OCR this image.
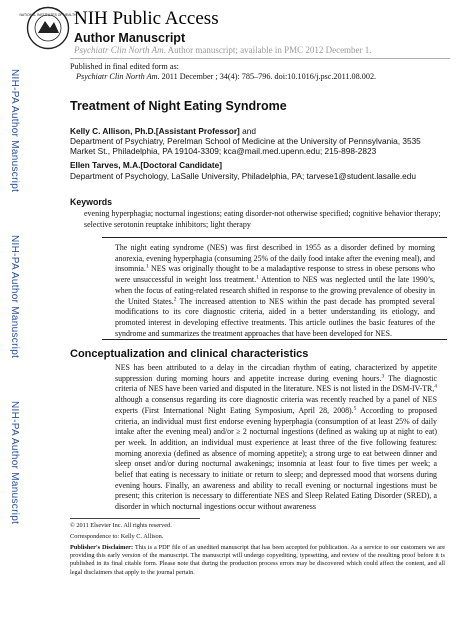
NATIONAL INSTITUTES OF HEALTH
NIH Public Access
Author Manuscript
Psychiatr Clin North Am. Author manuscript; available in PMC 2012 December 1.
Published in final edited form as:
Psychiatr Clin North Am. 2011 December ; 34(4): 785–796. doi:10.1016/j.psc.2011.08.002.
NIH-PA Author Manuscript
NIH-PA Author Manuscript
NIH-PA Author Manuscript
Treatment of Night Eating Syndrome
Kelly C. Allison, Ph.D.[Assistant Professor] and
Department of Psychiatry, Perelman School of Medicine at the University of Pennsylvania, 3535
Market St., Philadelphia, PA 19104-3309; kca@mail.med.upenn.edu; 215-898-2823
Ellen Tarves, M.A.[Doctoral Candidate]
Department of Psychology, LaSalle University, Philadelphia, PA; tarvese1@student.lasalle.edu
Keywords
evening hyperphagia; nocturnal ingestions; eating disorder-not otherwise specified; cognitive behavior therapy; selective serotonin reuptake inhibitors; light therapy
The night eating syndrome (NES) was first described in 1955 as a disorder defined by morning anorexia, evening hyperphagia (consuming 25% of the daily food intake after the evening meal), and insomnia.$^1$ NES was originally thought to be a maladaptive response to stress in obese persons who were unsuccessful in weight loss treatment.$^1$ Attention to NES was neglected until the late 1990’s, when the focus of eating-related research shifted in response to the growing prevalence of obesity in the United States.$^2$ The increased attention to NES within the past decade has prompted several modifications to its core diagnostic criteria, aided in a better understanding its etiology, and promoted interest in developing effective treatments. This article outlines the basic features of the syndrome and summarizes the treatment approaches that have been developed for NES.
Conceptualization and clinical characteristics
NES has been attributed to a delay in the circadian rhythm of eating, characterized by appetite suppression during morning hours and appetite increase during evening hours.$^3$ The diagnostic criteria of NES have been varied and disputed in the literature. NES is not listed in the DSM-IV-TR,$^4$ although a consensus regarding its core diagnostic criteria was recently reached by a panel of NES experts (First International Night Eating Symposium, April 28, 2008).$^5$ According to proposed criteria, an individual must first endorse evening hyperphagia (consumption of at least 25% of daily intake after the evening meal) and/or ≥ 2 nocturnal ingestions (defined as waking up at night to eat) per week. In addition, an individual must experience at least three of the five following features: morning anorexia (defined as absence of morning appetite); a strong urge to eat between dinner and sleep onset and/or during nocturnal awakenings; insomnia at least four to five times per week; a belief that eating is necessary to initiate or return to sleep; and depressed mood that worsens during evening hours. Finally, an awareness and ability to recall evening or nocturnal ingestions must be present; this criterion is necessary to differentiate NES and Sleep Related Eating Disorder (SRED), a disorder in which nocturnal ingestions occur without awareness
© 2011 Elsevier Inc. All rights reserved.
Correspondence to: Kelly C. Allison.
Publisher's Disclaimer: This is a PDF file of an unedited manuscript that has been accepted for publication. As a service to our customers we are providing this early version of the manuscript. The manuscript will undergo copyediting, typesetting, and review of the resulting proof before it is published in its final citable form. Please note that during the production process errors may be discovered which could affect the content, and all legal disclaimers that apply to the journal pertain.
